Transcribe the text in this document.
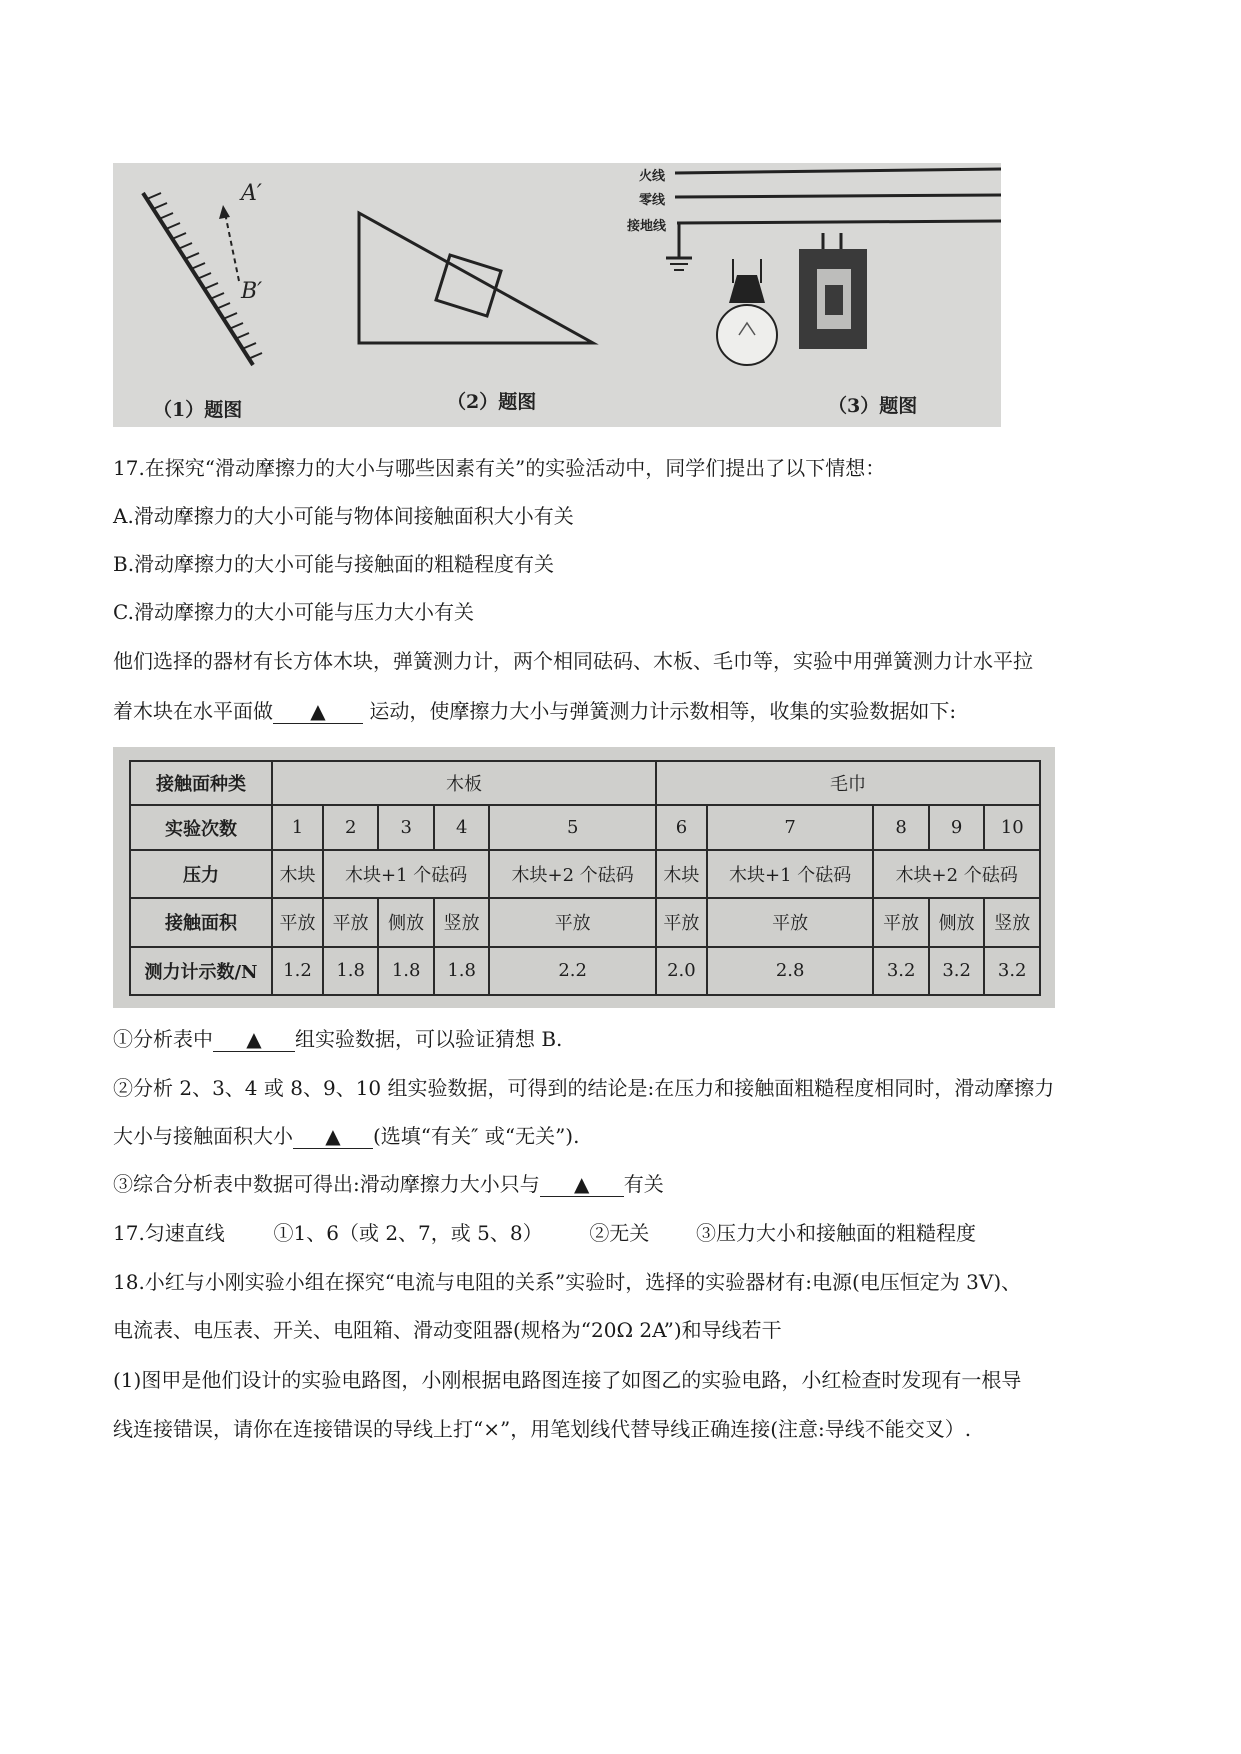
A′
B′
火线
零线
接地线
（1）题图	（2）题图	（3）题图
17.在探究“滑动摩擦力的大小与哪些因素有关”的实验活动中，同学们提出了以下情想：
A.滑动摩擦力的大小可能与物体间接触面积大小有关
B.滑动摩擦力的大小可能与接触面的粗糙程度有关
C.滑动摩擦力的大小可能与压力大小有关
他们选择的器材有长方体木块，弹簧测力计，两个相同砝码、木板、毛巾等，实验中用弹簧测力计水平拉
着木块在水平面做 ▲ 运动，使摩擦力大小与弹簧测力计示数相等，收集的实验数据如下:
接触面种类	木板					毛巾				
实验次数	1	2	3	4	5	6	7	8	9	10
压力	木块	木块+1 个砝码			木块+2 个砝码	木块	木块+1 个砝码	木块+2 个砝码		
接触面积	平放	平放	侧放	竖放	平放	平放	平放	平放	侧放	竖放
测力计示数/N	1.2	1.8	1.8	1.8	2.2	2.0	2.8	3.2	3.2	3.2
①分析表中 ▲ 组实验数据，可以验证猜想 B.
②分析 2、3、4 或 8、9、10 组实验数据，可得到的结论是:在压力和接触面粗糙程度相同时，滑动摩擦力
大小与接触面积大小 ▲ (选填“有关″ 或“无关”).
③综合分析表中数据可得出:滑动摩擦力大小只与 ▲ 有关
17.匀速直线 ①1、6（或 2、7，或 5、8） ②无关 ③压力大小和接触面的粗糙程度
18.小红与小刚实验小组在探究“电流与电阻的关系”实验时，选择的实验器材有:电源(电压恒定为 3V)、
电流表、电压表、开关、电阻箱、滑动变阻器(规格为“20Ω 2A”)和导线若干
(1)图甲是他们设计的实验电路图，小刚根据电路图连接了如图乙的实验电路，小红检查时发现有一根导
线连接错误，请你在连接错误的导线上打“×”，用笔划线代替导线正确连接(注意:导线不能交叉）.
